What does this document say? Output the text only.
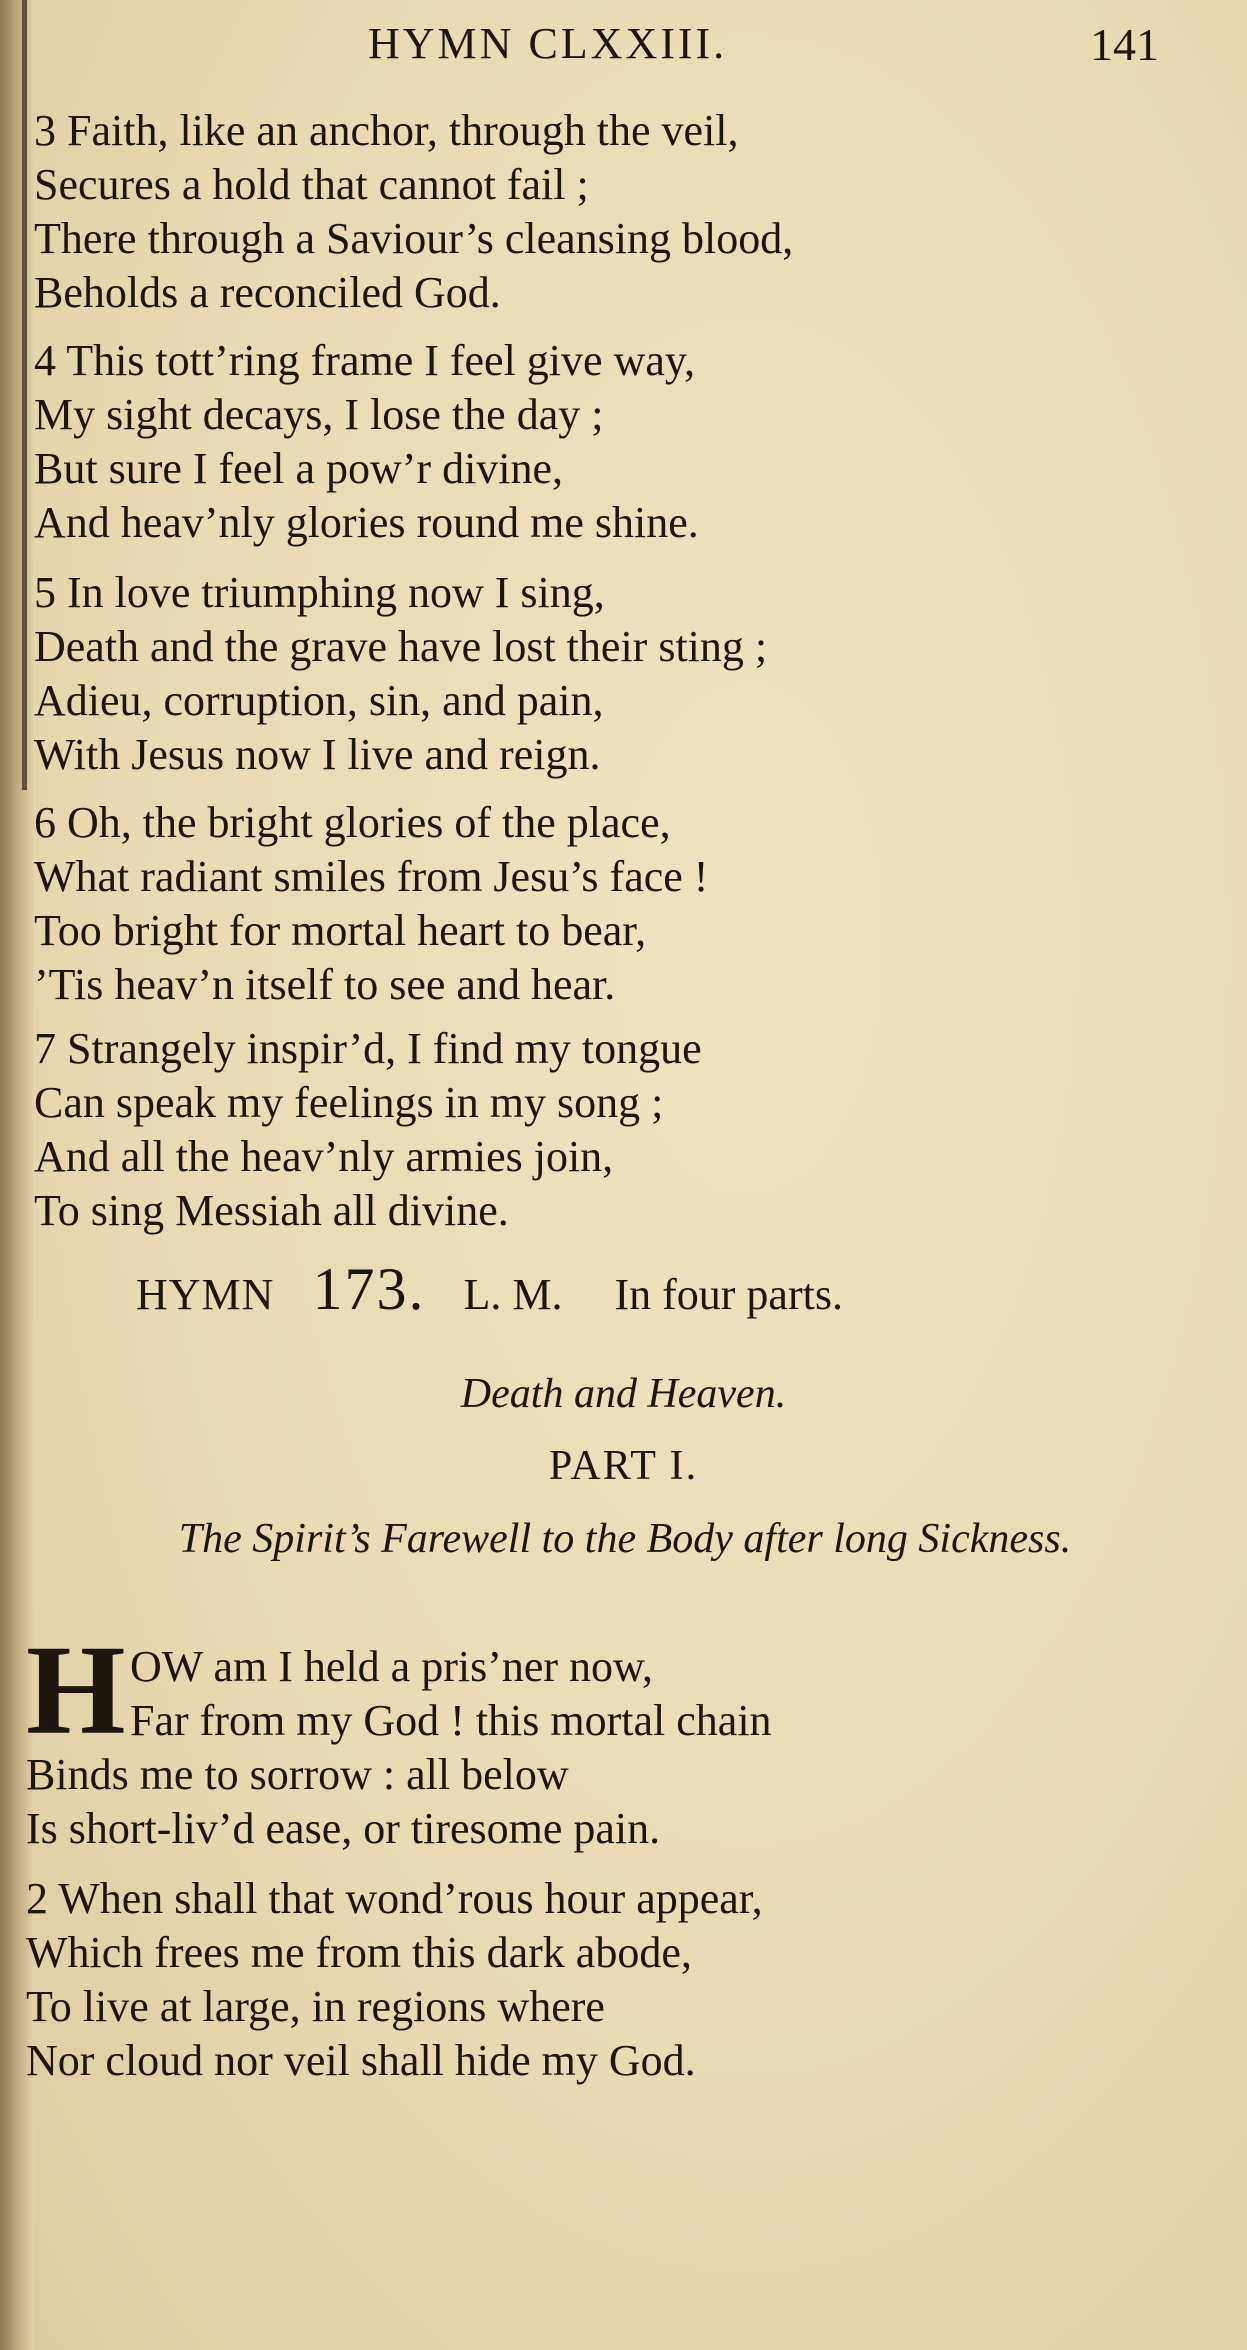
HYMN CLXXIII.	141
3 Faith, like an anchor, through the veil,
Secures a hold that cannot fail ;
There through a Saviour’s cleansing blood,
Beholds a reconciled God.
4 This tott’ring frame I feel give way,
My sight decays, I lose the day ;
But sure I feel a pow’r divine,
And heav’nly glories round me shine.
5 In love triumphing now I sing,
Death and the grave have lost their sting ;
Adieu, corruption, sin, and pain,
With Jesus now I live and reign.
6 Oh, the bright glories of the place,
What radiant smiles from Jesu’s face !
Too bright for mortal heart to bear,
’Tis heav’n itself to see and hear.
7 Strangely inspir’d, I find my tongue
Can speak my feelings in my song ;
And all the heav’nly armies join,
To sing Messiah all divine.
HYMN 173. L. M. In four parts.
Death and Heaven.
PART I.
The Spirit’s Farewell to the Body after long Sickness.
H OW am I held a pris’ner now,
Far from my God ! this mortal chain
Binds me to sorrow : all below
Is short-liv’d ease, or tiresome pain.
2 When shall that wond’rous hour appear,
Which frees me from this dark abode,
To live at large, in regions where
Nor cloud nor veil shall hide my God.
